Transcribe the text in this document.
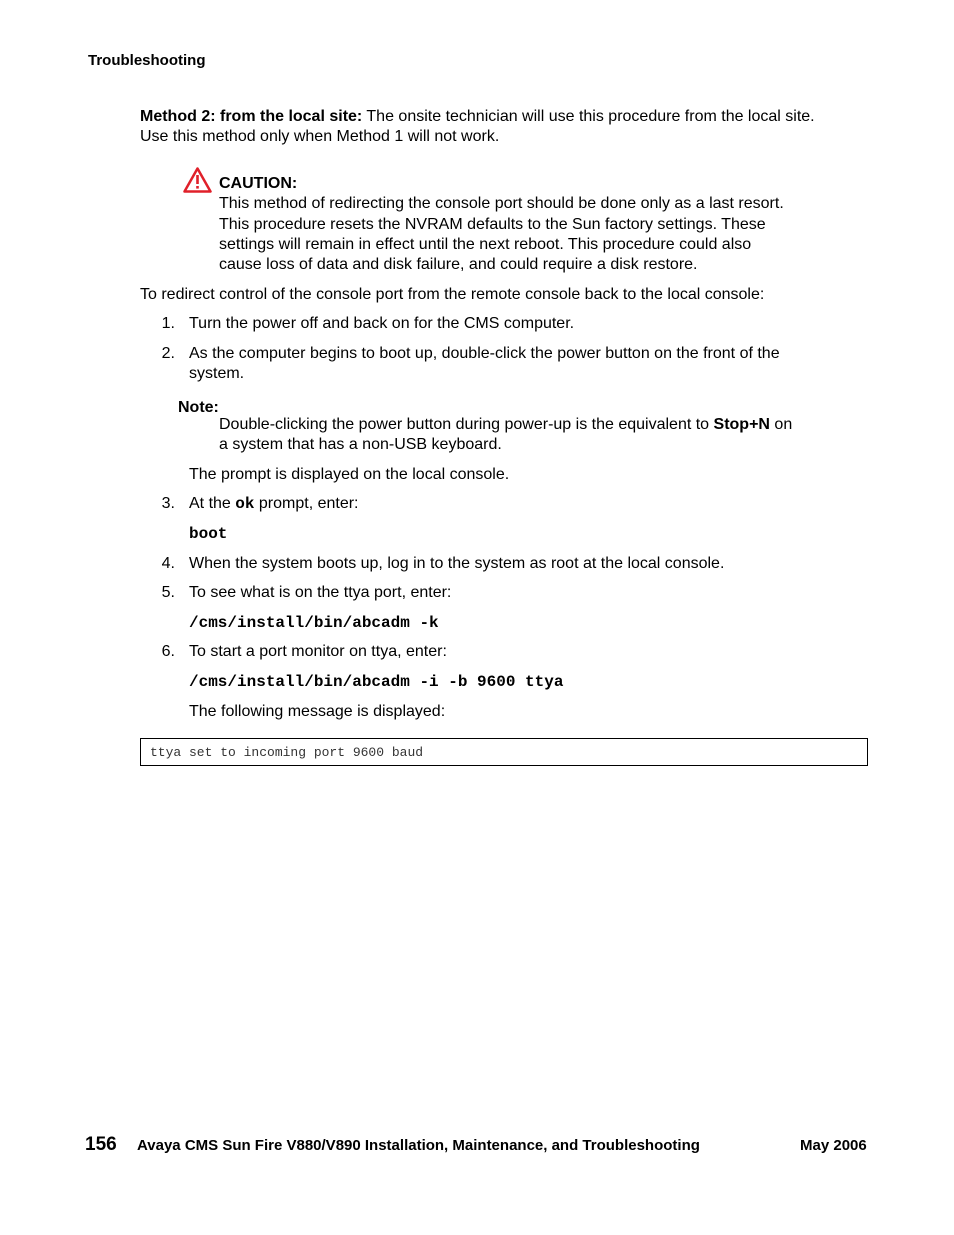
Troubleshooting
Method 2: from the local site: The onsite technician will use this procedure from the local site.
Use this method only when Method 1 will not work.
CAUTION:
This method of redirecting the console port should be done only as a last resort.
This procedure resets the NVRAM defaults to the Sun factory settings. These
settings will remain in effect until the next reboot. This procedure could also
cause loss of data and disk failure, and could require a disk restore.
To redirect control of the console port from the remote console back to the local console:
1. Turn the power off and back on for the CMS computer.
2. As the computer begins to boot up, double-click the power button on the front of the
system.
Note:
Double-clicking the power button during power-up is the equivalent to Stop+N on
a system that has a non-USB keyboard.
The prompt is displayed on the local console.
3. At the ok prompt, enter:
boot
4. When the system boots up, log in to the system as root at the local console.
5. To see what is on the ttya port, enter:
/cms/install/bin/abcadm -k
6. To start a port monitor on ttya, enter:
/cms/install/bin/abcadm -i -b 9600 ttya
The following message is displayed:
ttya set to incoming port 9600 baud
156 Avaya CMS Sun Fire V880/V890 Installation, Maintenance, and Troubleshooting	May 2006
